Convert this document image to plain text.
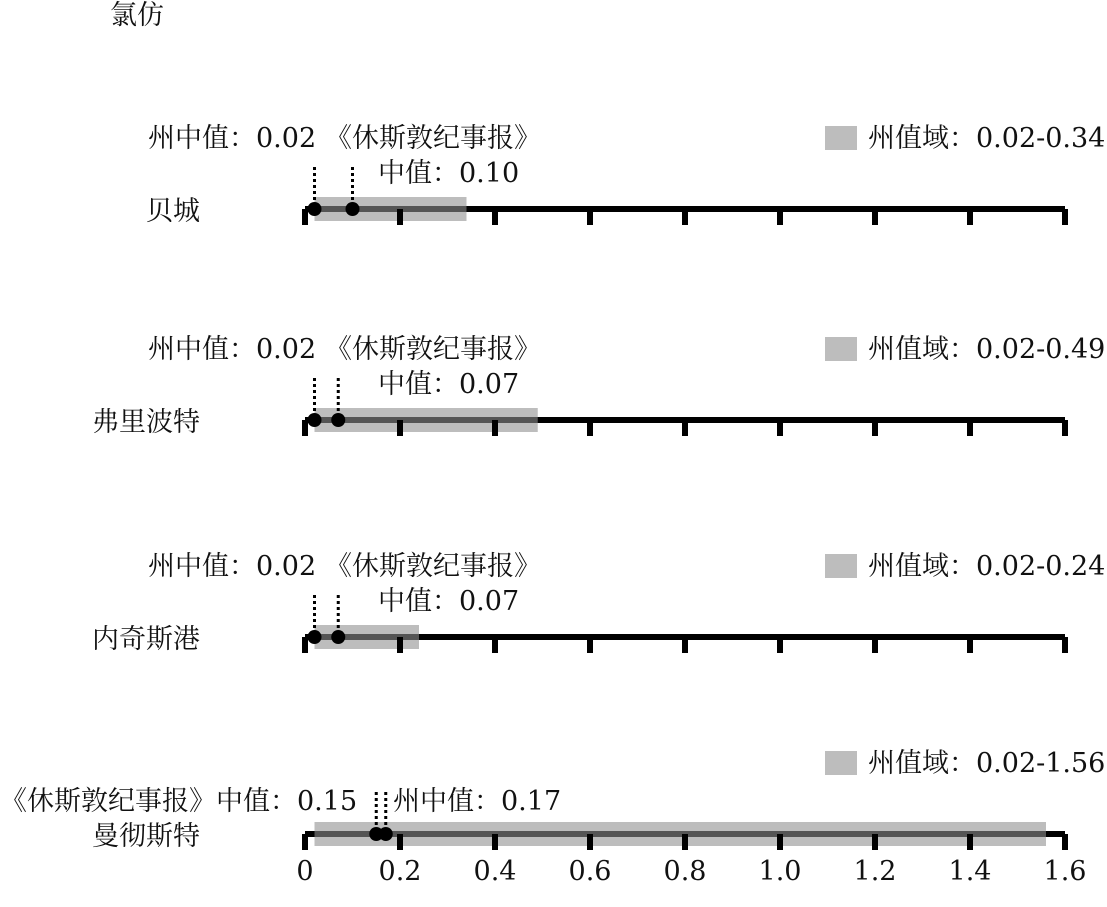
氯仿
贝城
州值域：0.02-0.34
州中值：0.02 《休斯敦纪事报》
中值：0.10
弗里波特
州值域：0.02-0.49
州中值：0.02 《休斯敦纪事报》
中值：0.07
内奇斯港
州值域：0.02-0.24
州中值：0.02 《休斯敦纪事报》
中值：0.07
曼彻斯特
州值域：0.02-1.56
《休斯敦纪事报》中值：0.15 州中值：0.17
0 0.2 0.4 0.6 0.8 1.0 1.2 1.4 1.6
